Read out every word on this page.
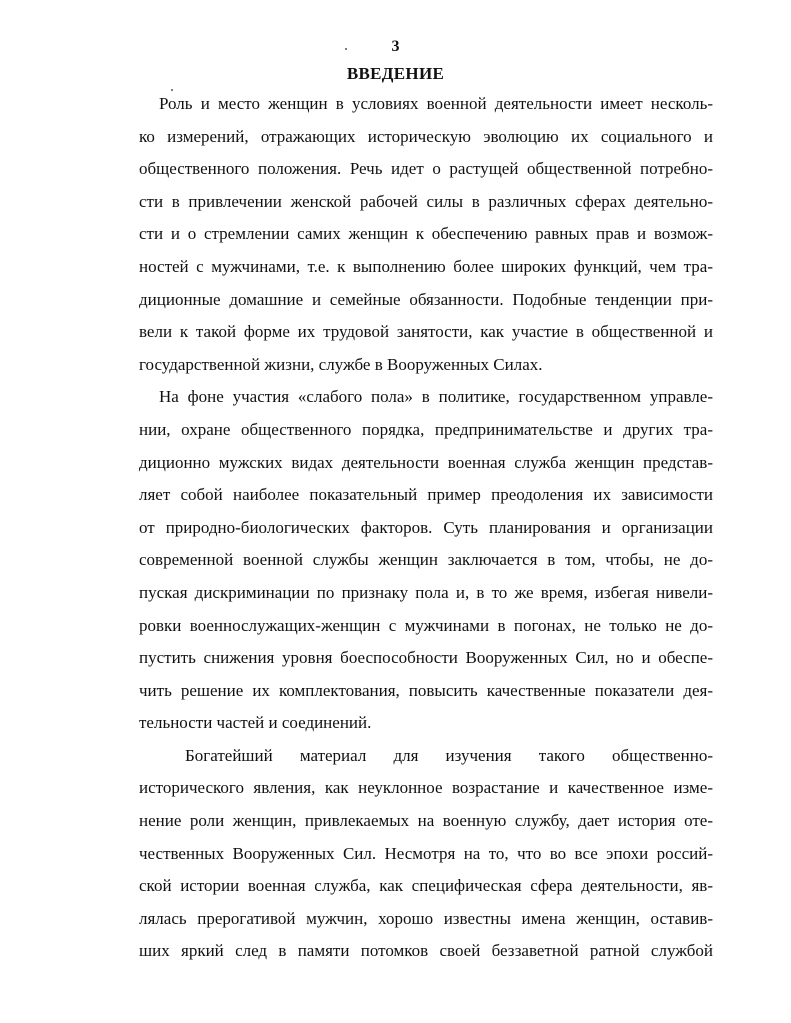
3
ВВЕДЕНИЕ
Роль и место женщин в условиях военной деятельности имеет несколь-
ко измерений, отражающих историческую эволюцию их социального и
общественного положения. Речь идет о растущей общественной потребно-
сти в привлечении женской рабочей силы в различных сферах деятельно-
сти и о стремлении самих женщин к обеспечению равных прав и возмож-
ностей с мужчинами, т.е. к выполнению более широких функций, чем тра-
диционные домашние и семейные обязанности. Подобные тенденции при-
вели к такой форме их трудовой занятости, как участие в общественной и
государственной жизни, службе в Вооруженных Силах.
На фоне участия «слабого пола» в политике, государственном управле-
нии, охране общественного порядка, предпринимательстве и других тра-
диционно мужских видах деятельности военная служба женщин представ-
ляет собой наиболее показательный пример преодоления их зависимости
от природно-биологических факторов. Суть планирования и организации
современной военной службы женщин заключается в том, чтобы, не до-
пуская дискриминации по признаку пола и, в то же время, избегая нивели-
ровки военнослужащих-женщин с мужчинами в погонах, не только не до-
пустить снижения уровня боеспособности Вооруженных Сил, но и обеспе-
чить решение их комплектования, повысить качественные показатели дея-
тельности частей и соединений.
Богатейший    материал    для    изучения    такого    общественно-
исторического явления, как неуклонное возрастание и качественное изме-
нение роли женщин, привлекаемых на военную службу, дает история оте-
чественных Вооруженных Сил. Несмотря на то, что во все эпохи россий-
ской истории военная служба, как специфическая сфера деятельности, яв-
лялась прерогативой мужчин, хорошо известны имена женщин, оставив-
ших яркий след в памяти потомков своей беззаветной ратной службой
